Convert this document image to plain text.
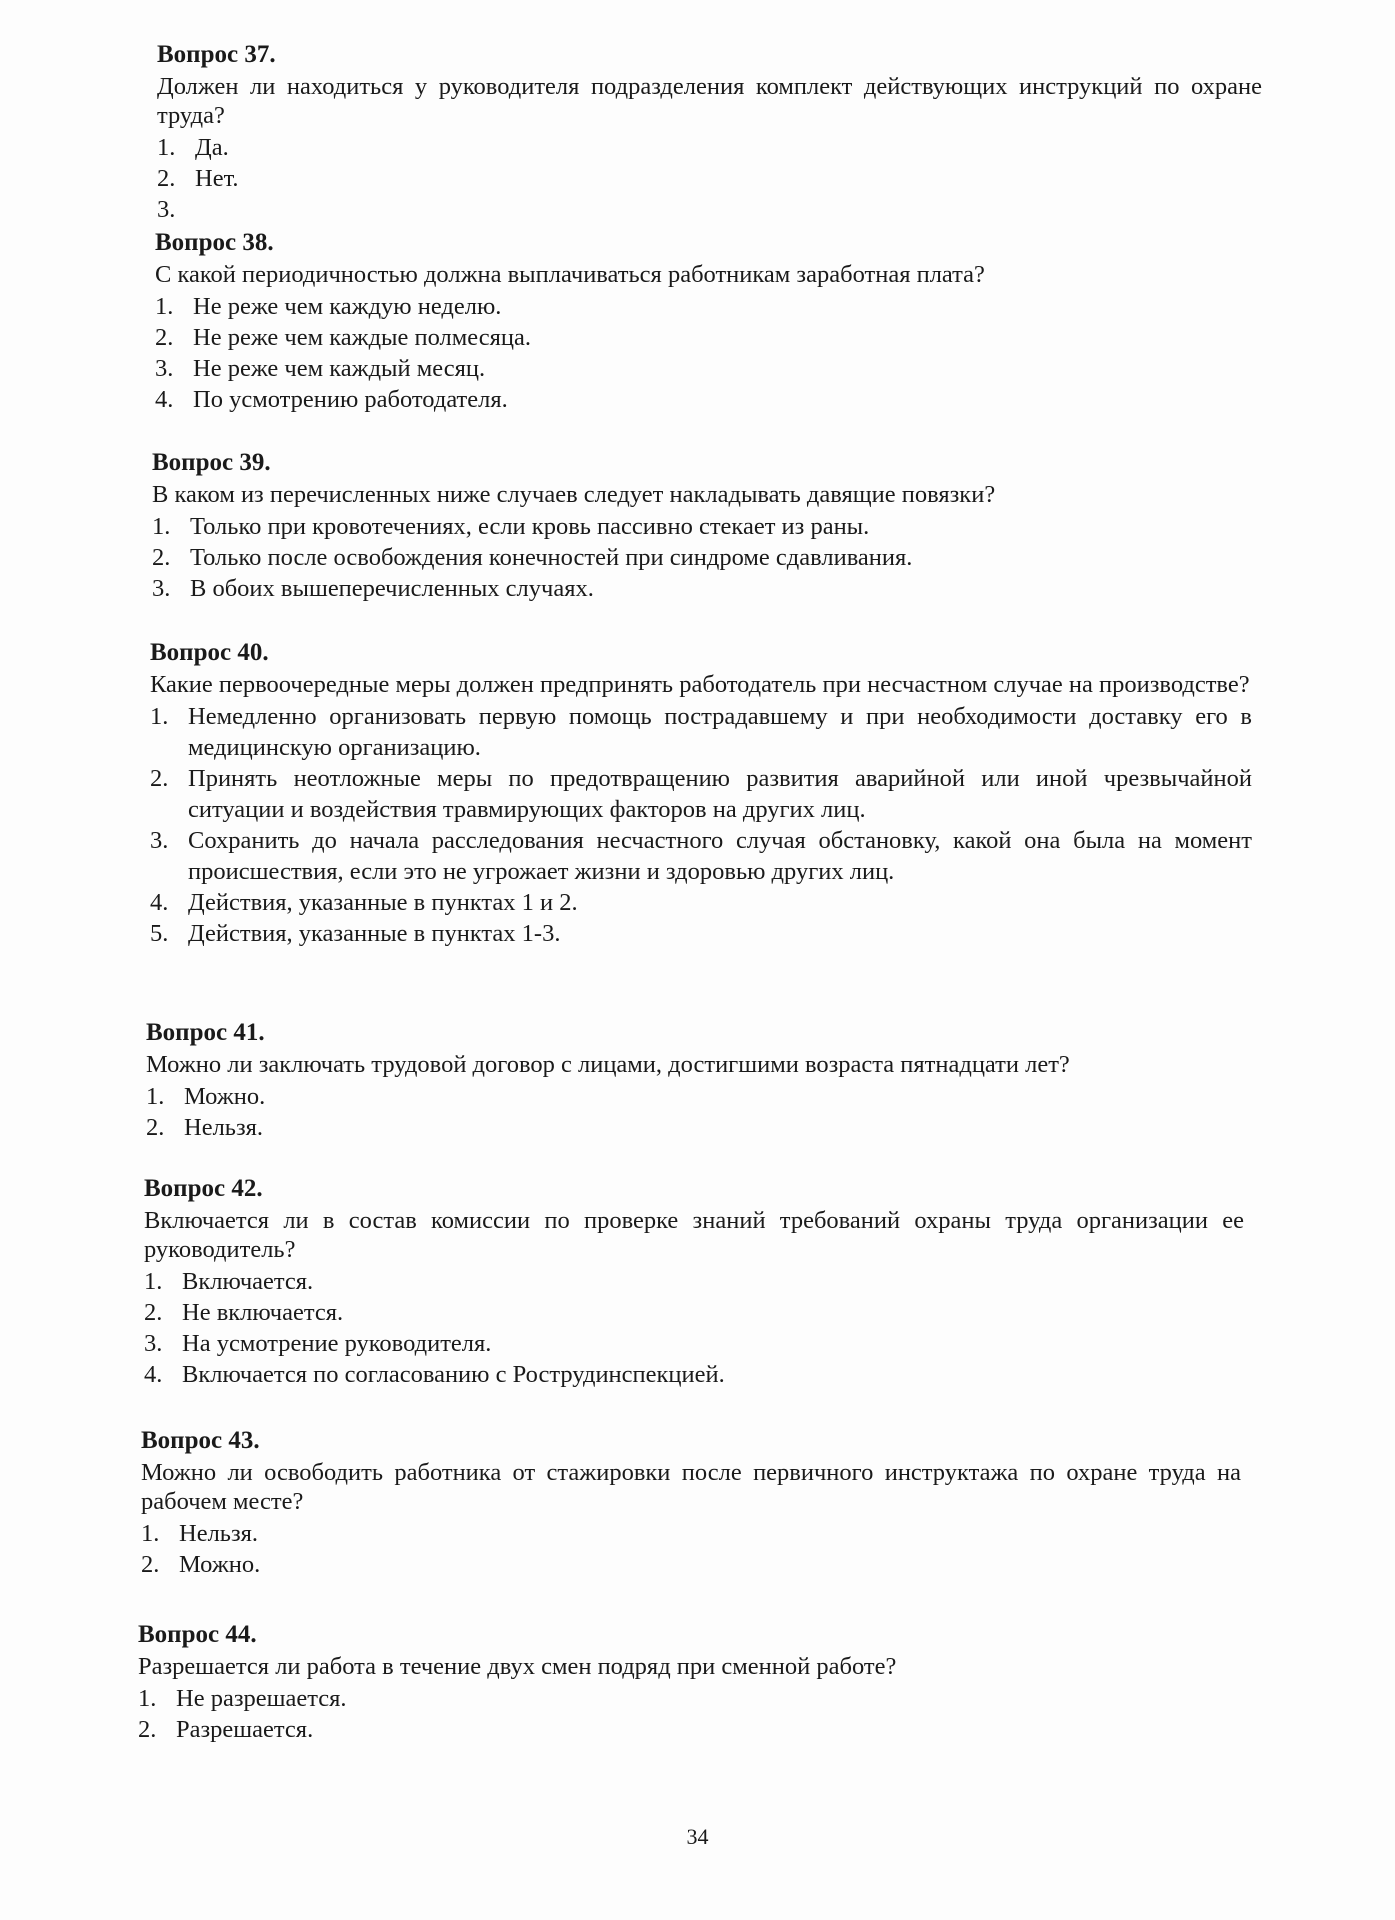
Вопрос 37.

Должен ли находиться у руководителя подразделения комплект действующих инструкций по охране труда?

1. Да.
2. Нет.
3.

Вопрос 38.

С какой периодичностью должна выплачиваться работникам заработная плата?

1. Не реже чем каждую неделю.
2. Не реже чем каждые полмесяца.
3. Не реже чем каждый месяц.
4. По усмотрению работодателя.
Вопрос 39.

В каком из перечисленных ниже случаев следует накладывать давящие повязки?

1. Только при кровотечениях, если кровь пассивно стекает из раны.
2. Только после освобождения конечностей при синдроме сдавливания.
3. В обоих вышеперечисленных случаях.
Вопрос 40.

Какие первоочередные меры должен предпринять работодатель при несчастном случае на производстве?

1. Немедленно организовать первую помощь пострадавшему и при необходимости доставку его в медицинскую организацию.
2. Принять неотложные меры по предотвращению развития аварийной или иной чрезвычайной ситуации и воздействия травмирующих факторов на других лиц.
3. Сохранить до начала расследования несчастного случая обстановку, какой она была на момент происшествия, если это не угрожает жизни и здоровью других лиц.
4. Действия, указанные в пунктах 1 и 2.
5. Действия, указанные в пунктах 1-3.
Вопрос 41.

Можно ли заключать трудовой договор с лицами, достигшими возраста пятнадцати лет?

1. Можно.
2. Нельзя.
Вопрос 42.

Включается ли в состав комиссии по проверке знаний требований охраны труда организации ее руководитель?

1. Включается.
2. Не включается.
3. На усмотрение руководителя.
4. Включается по согласованию с Рострудинспекцией.
Вопрос 43.

Можно ли освободить работника от стажировки после первичного инструктажа по охране труда на рабочем месте?

1. Нельзя.
2. Можно.
Вопрос 44.

Разрешается ли работа в течение двух смен подряд при сменной работе?

1. Не разрешается.
2. Разрешается.
34
